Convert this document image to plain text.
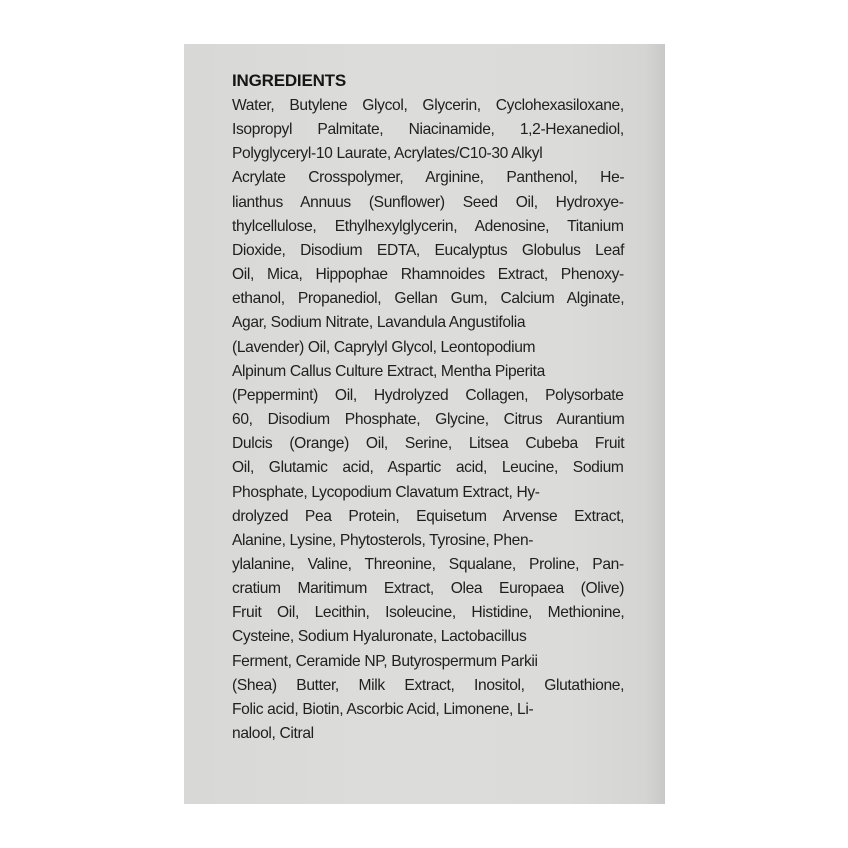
INGREDIENTS
Water, Butylene Glycol, Glycerin, Cyclohexasiloxane,
Isopropyl Palmitate, Niacinamide, 1,2-Hexanediol,
Polyglyceryl-10 Laurate, Acrylates/C10-30 Alkyl
Acrylate Crosspolymer, Arginine, Panthenol, He-
lianthus Annuus (Sunflower) Seed Oil, Hydroxye-
thylcellulose, Ethylhexylglycerin, Adenosine, Titanium
Dioxide, Disodium EDTA, Eucalyptus Globulus Leaf
Oil, Mica, Hippophae Rhamnoides Extract, Phenoxy-
ethanol, Propanediol, Gellan Gum, Calcium Alginate,
Agar, Sodium Nitrate, Lavandula Angustifolia
(Lavender) Oil, Caprylyl Glycol, Leontopodium
Alpinum Callus Culture Extract, Mentha Piperita
(Peppermint) Oil, Hydrolyzed Collagen, Polysorbate
60, Disodium Phosphate, Glycine, Citrus Aurantium
Dulcis (Orange) Oil, Serine, Litsea Cubeba Fruit
Oil, Glutamic acid, Aspartic acid, Leucine, Sodium
Phosphate, Lycopodium Clavatum Extract, Hy-
drolyzed Pea Protein, Equisetum Arvense Extract,
Alanine, Lysine, Phytosterols, Tyrosine, Phen-
ylalanine, Valine, Threonine, Squalane, Proline, Pan-
cratium Maritimum Extract, Olea Europaea (Olive)
Fruit Oil, Lecithin, Isoleucine, Histidine, Methionine,
Cysteine, Sodium Hyaluronate, Lactobacillus
Ferment, Ceramide NP, Butyrospermum Parkii
(Shea) Butter, Milk Extract, Inositol, Glutathione,
Folic acid, Biotin, Ascorbic Acid, Limonene, Li-
nalool, Citral
